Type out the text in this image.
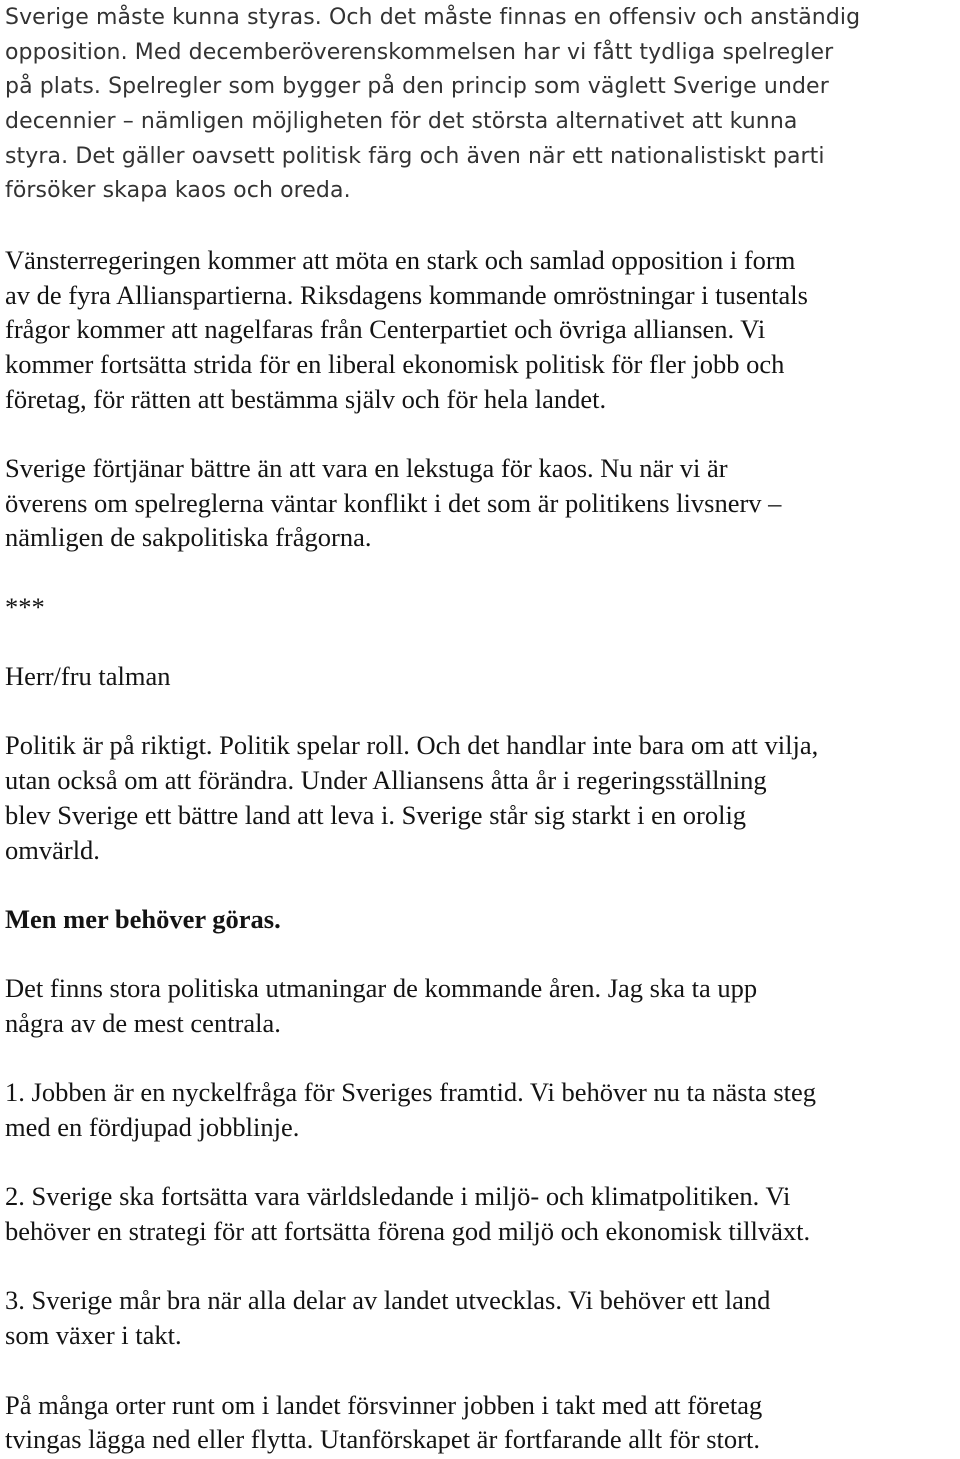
Sverige måste kunna styras. Och det måste finnas en offensiv och anständig
opposition. Med decemberöverenskommelsen har vi fått tydliga spelregler
på plats. Spelregler som bygger på den princip som väglett Sverige under
decennier – nämligen möjligheten för det största alternativet att kunna
styra. Det gäller oavsett politisk färg och även när ett nationalistiskt parti
försöker skapa kaos och oreda.
Vänsterregeringen kommer att möta en stark och samlad opposition i form
av de fyra Allianspartierna. Riksdagens kommande omröstningar i tusentals
frågor kommer att nagelfaras från Centerpartiet och övriga alliansen. Vi
kommer fortsätta strida för en liberal ekonomisk politisk för fler jobb och
företag, för rätten att bestämma själv och för hela landet.
Sverige förtjänar bättre än att vara en lekstuga för kaos. Nu när vi är
överens om spelreglerna väntar konflikt i det som är politikens livsnerv –
nämligen de sakpolitiska frågorna.
***
Herr/fru talman
Politik är på riktigt. Politik spelar roll. Och det handlar inte bara om att vilja,
utan också om att förändra. Under Alliansens åtta år i regeringsställning
blev Sverige ett bättre land att leva i. Sverige står sig starkt i en orolig
omvärld.
Men mer behöver göras.
Det finns stora politiska utmaningar de kommande åren. Jag ska ta upp
några av de mest centrala.
1. Jobben är en nyckelfråga för Sveriges framtid. Vi behöver nu ta nästa steg
med en fördjupad jobblinje.
2. Sverige ska fortsätta vara världsledande i miljö- och klimatpolitiken. Vi
behöver en strategi för att fortsätta förena god miljö och ekonomisk tillväxt.
3. Sverige mår bra när alla delar av landet utvecklas. Vi behöver ett land
som växer i takt.
På många orter runt om i landet försvinner jobben i takt med att företag
tvingas lägga ned eller flytta. Utanförskapet är fortfarande allt för stort.
